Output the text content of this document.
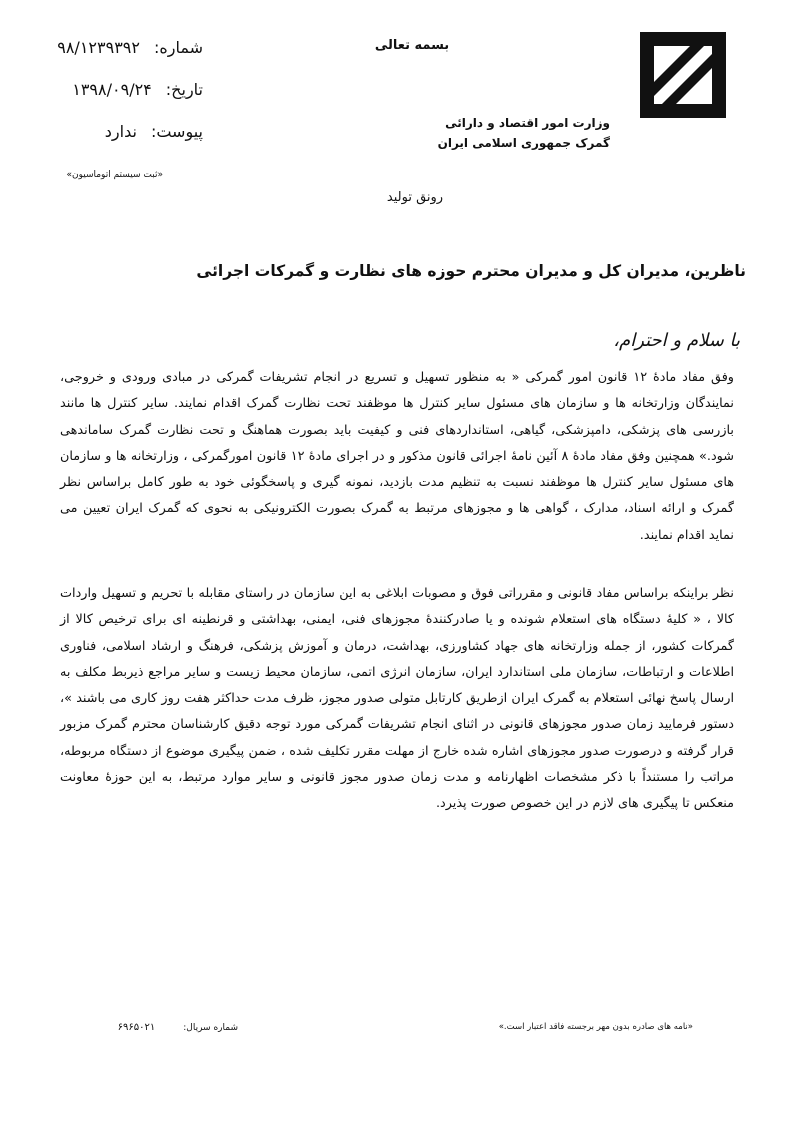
وزارت امور اقتصاد و دارائی
گمرک جمهوری اسلامی ایران
بسمه تعالی
شماره:۹۸/۱۲۳۹۳۹۲
تاریخ:۱۳۹۸/۰۹/۲۴
پیوست:ندارد
«ثبت سیستم اتوماسیون»
رونق تولید
ناظرین، مدیران کل و مدیران محترم حوزه های نظارت و گمرکات اجرائی
با سلام و احترام،

وفق مفاد مادهٔ ۱۲ قانون امور گمرکی « به منظور تسهیل و تسریع در انجام تشریفات گمرکی در مبادی ورودی و خروجی، نمایندگان وزارتخانه ها و سازمان های مسئول سایر کنترل ها موظفند تحت نظارت گمرک اقدام نمایند. سایر کنترل ها مانند بازرسی های پزشکی، دامپزشکی، گیاهی، استانداردهای فنی و کیفیت باید بصورت هماهنگ و تحت نظارت گمرک ساماندهی شود.» همچنین وفق مفاد مادهٔ ۸ آئین نامهٔ اجرائی قانون مذکور و در اجرای مادهٔ ۱۲ قانون امورگمرکی ، وزارتخانه ها و سازمان های مسئول سایر کنترل ها موظفند نسبت به تنظیم مدت بازدید، نمونه گیری و پاسخگوئی خود به طور کامل براساس نظر گمرک و ارائه اسناد، مدارک ، گواهی ها و مجوزهای مرتبط به گمرک بصورت الکترونیکی به نحوی که گمرک ایران تعیین می نماید اقدام نمایند.

نظر براینکه براساس مفاد قانونی و مقرراتی فوق و مصوبات ابلاغی به این سازمان در راستای مقابله با تحریم و تسهیل واردات کالا ، « کلیهٔ دستگاه های استعلام شونده و یا صادرکنندهٔ مجوزهای فنی، ایمنی، بهداشتی و قرنطینه ای برای ترخیص کالا از گمرکات کشور، از جمله وزارتخانه های جهاد کشاورزی، بهداشت، درمان و آموزش پزشکی، فرهنگ و ارشاد اسلامی، فناوری اطلاعات و ارتباطات، سازمان ملی استاندارد ایران، سازمان انرژی اتمی، سازمان محیط زیست و سایر مراجع ذیربط مکلف به ارسال پاسخ نهائی استعلام به گمرک ایران ازطریق کارتابل متولی صدور مجوز، ظرف مدت حداکثر هفت روز کاری می باشند »، دستور فرمایید زمان صدور مجوزهای قانونی در اثنای انجام تشریفات گمرکی مورد توجه دقیق کارشناسان محترم گمرک مزبور قرار گرفته و درصورت صدور مجوزهای اشاره شده خارج از مهلت مقرر تکلیف شده ، ضمن پیگیری موضوع از دستگاه مربوطه، مراتب را مستنداً با ذکر مشخصات اظهارنامه و مدت زمان صدور مجوز قانونی و سایر موارد مرتبط، به این حوزهٔ معاونت منعکس تا پیگیری های لازم در این خصوص صورت پذیرد.

«نامه های صادره بدون مهر برجسته فاقد اعتبار است.»
شماره سریال:۶۹۶۵۰۲۱
